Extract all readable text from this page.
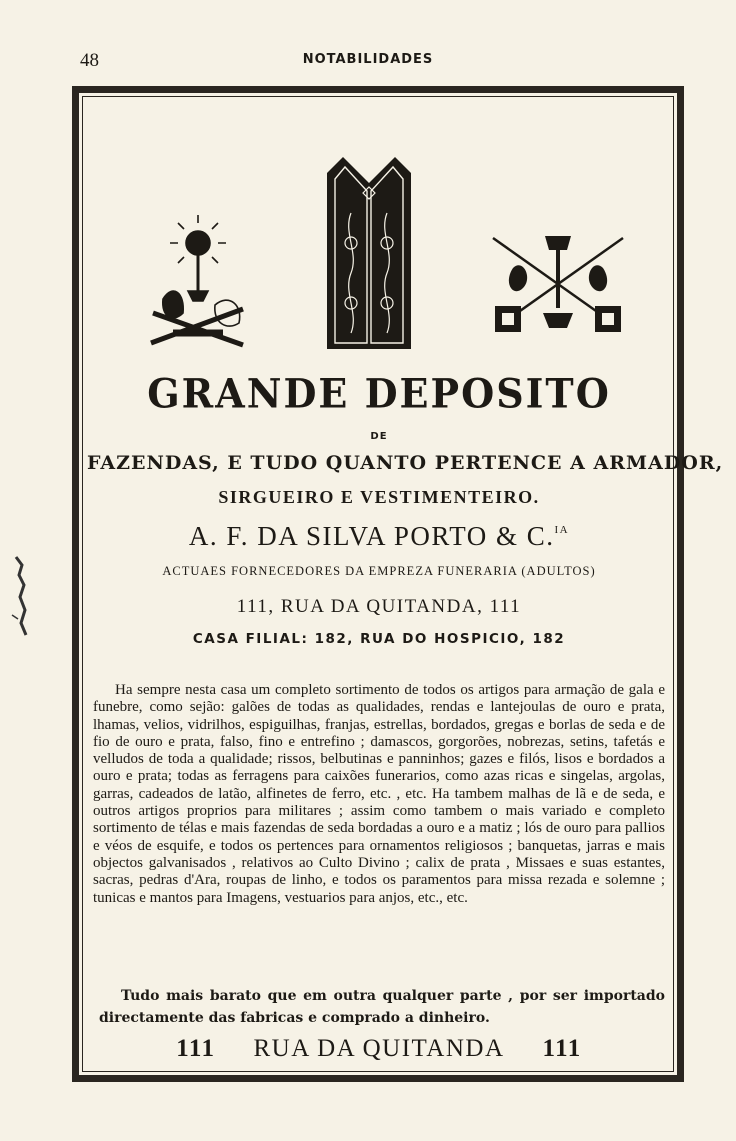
48	NOTABILIDADES
GRANDE DEPOSITO
DE
FAZENDAS, E TUDO QUANTO PERTENCE A ARMADOR,
SIRGUEIRO E VESTIMENTEIRO.
A. F. DA SILVA PORTO & C.$^{IA}$
ACTUAES FORNECEDORES DA EMPREZA FUNERARIA (ADULTOS)
111, RUA DA QUITANDA, 111
CASA FILIAL: 182, RUA DO HOSPICIO, 182

Ha sempre nesta casa um completo sortimento de todos os artigos para armação de gala e funebre, como sejão: galões de todas as qualidades, rendas e lantejoulas de ouro e prata, lhamas, velios, vidrilhos, espiguilhas, franjas, estrellas, bordados, gregas e borlas de seda e de fio de ouro e prata, falso, fino e entrefino ; damascos, gorgorões, nobrezas, setins, tafetás e velludos de toda a qualidade; rissos, belbutinas e panninhos; gazes e filós, lisos e bordados a ouro e prata; todas as ferragens para caixões funerarios, como azas ricas e singelas, argolas, garras, cadeados de latão, alfinetes de ferro, etc. , etc. Ha tambem malhas de lã e de seda, e outros artigos proprios para militares ; assim como tambem o mais variado e completo sortimento de télas e mais fazendas de seda bordadas a ouro e a matiz ; lós de ouro para pallios e véos de esquife, e todos os pertences para ornamentos religiosos ; banquetas, jarras e mais objectos galvanisados , relativos ao Culto Divino ; calix de prata , Missaes e suas estantes, sacras, pedras d'Ara, roupas de linho, e todos os paramentos para missa rezada e solemne ; tunicas e mantos para Imagens, vestuarios para anjos, etc., etc.

Tudo mais barato que em outra qualquer parte , por ser importado directamente das fabricas e comprado a dinheiro.

111 RUA DA QUITANDA 111
